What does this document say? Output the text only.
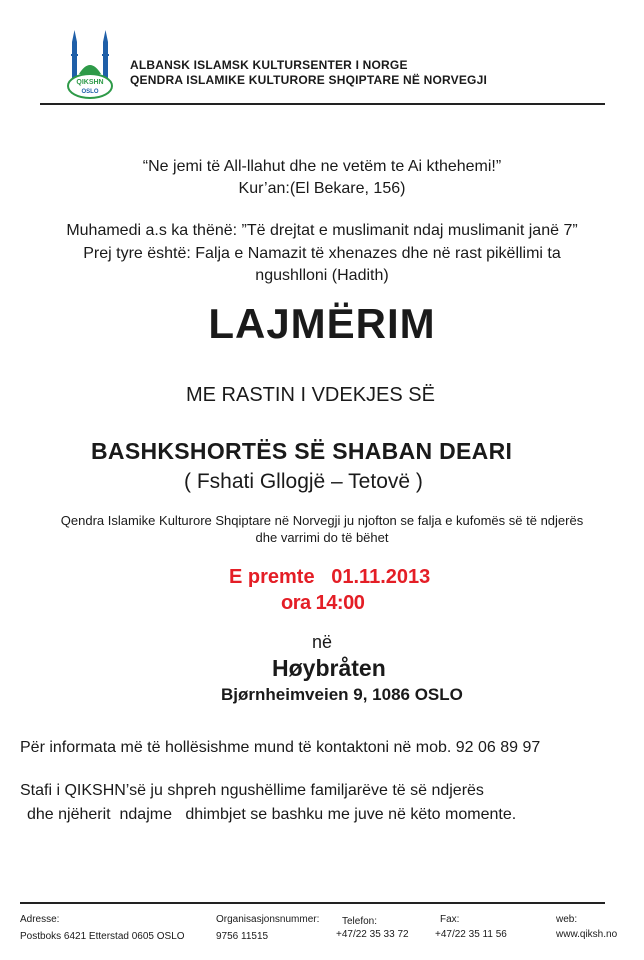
QIKSHN
OSLO
ALBANSK ISLAMSK KULTURSENTER I NORGE
QENDRA ISLAMIKE KULTURORE SHQIPTARE NË NORVEGJI
“Ne jemi të All-llahut dhe ne vetëm te Ai kthehemi!”
Kur’an:(El Bekare, 156)
Muhamedi a.s ka thënë: ”Të drejtat e muslimanit ndaj muslimanit janë 7”
Prej tyre është: Falja e Namazit të xhenazes dhe në rast pikëllimi ta
ngushlloni (Hadith)
LAJMËRIM
ME RASTIN I VDEKJES SË
BASHKSHORTËS SË SHABAN DEARI
( Fshati Gllogjë – Tetovë )
Qendra Islamike Kulturore Shqiptare në Norvegji ju njofton se falja e kufomës së të ndjerës
dhe varrimi do të bëhet
E premte   01.11.2013
ora 14:00
në
Høybråten
Bjørnheimveien 9, 1086 OSLO
Për informata më të hollësishme mund të kontaktoni në mob. 92 06 89 97
Stafi i QIKSHN’së ju shpreh ngushëllime familjarëve të së ndjerës
dhe njëherit  ndajme   dhimbjet se bashku me juve në këto momente.
Adresse:
Postboks 6421 Etterstad 0605 OSLO
Organisasjonsnummer:
9756 11515
Telefon:
+47/22 35 33 72
Fax:
+47/22 35 11 56
web:
www.qiksh.no
